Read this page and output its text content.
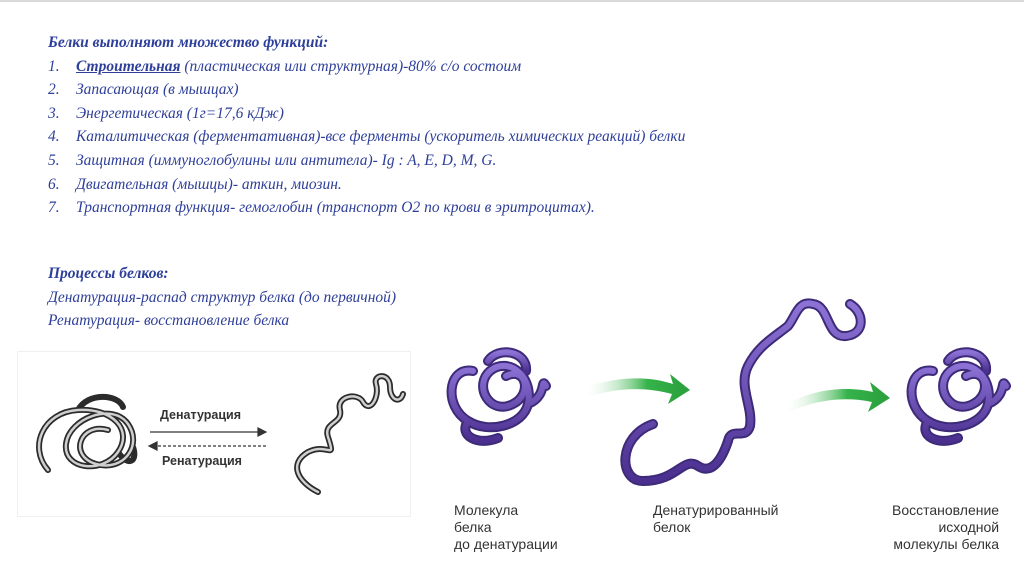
Белки выполняют множество функций:
1. Строительная (пластическая или структурная)-80% с/о состоим
2. Запасающая (в мышцах)
3. Энергетическая (1г=17,6 кДж)
4. Каталитическая (ферментативная)-все ферменты (ускоритель химических реакций) белки
5. Защитная (иммуноглобулины или антитела)- Ig : A, E, D, M, G.
6. Двигательная (мышцы)- аткин, миозин.
7. Транспортная функция- гемоглобин (транспорт О2 по крови в эритроцитах).
Процессы белков:
Денатурация-распад структур белка (до первичной)
Ренатурация- восстановление белка
Денатурация
Ренатурация
Молекула
белка
до денатурации
Денатурированный
белок
Восстановление
исходной
молекулы белка
